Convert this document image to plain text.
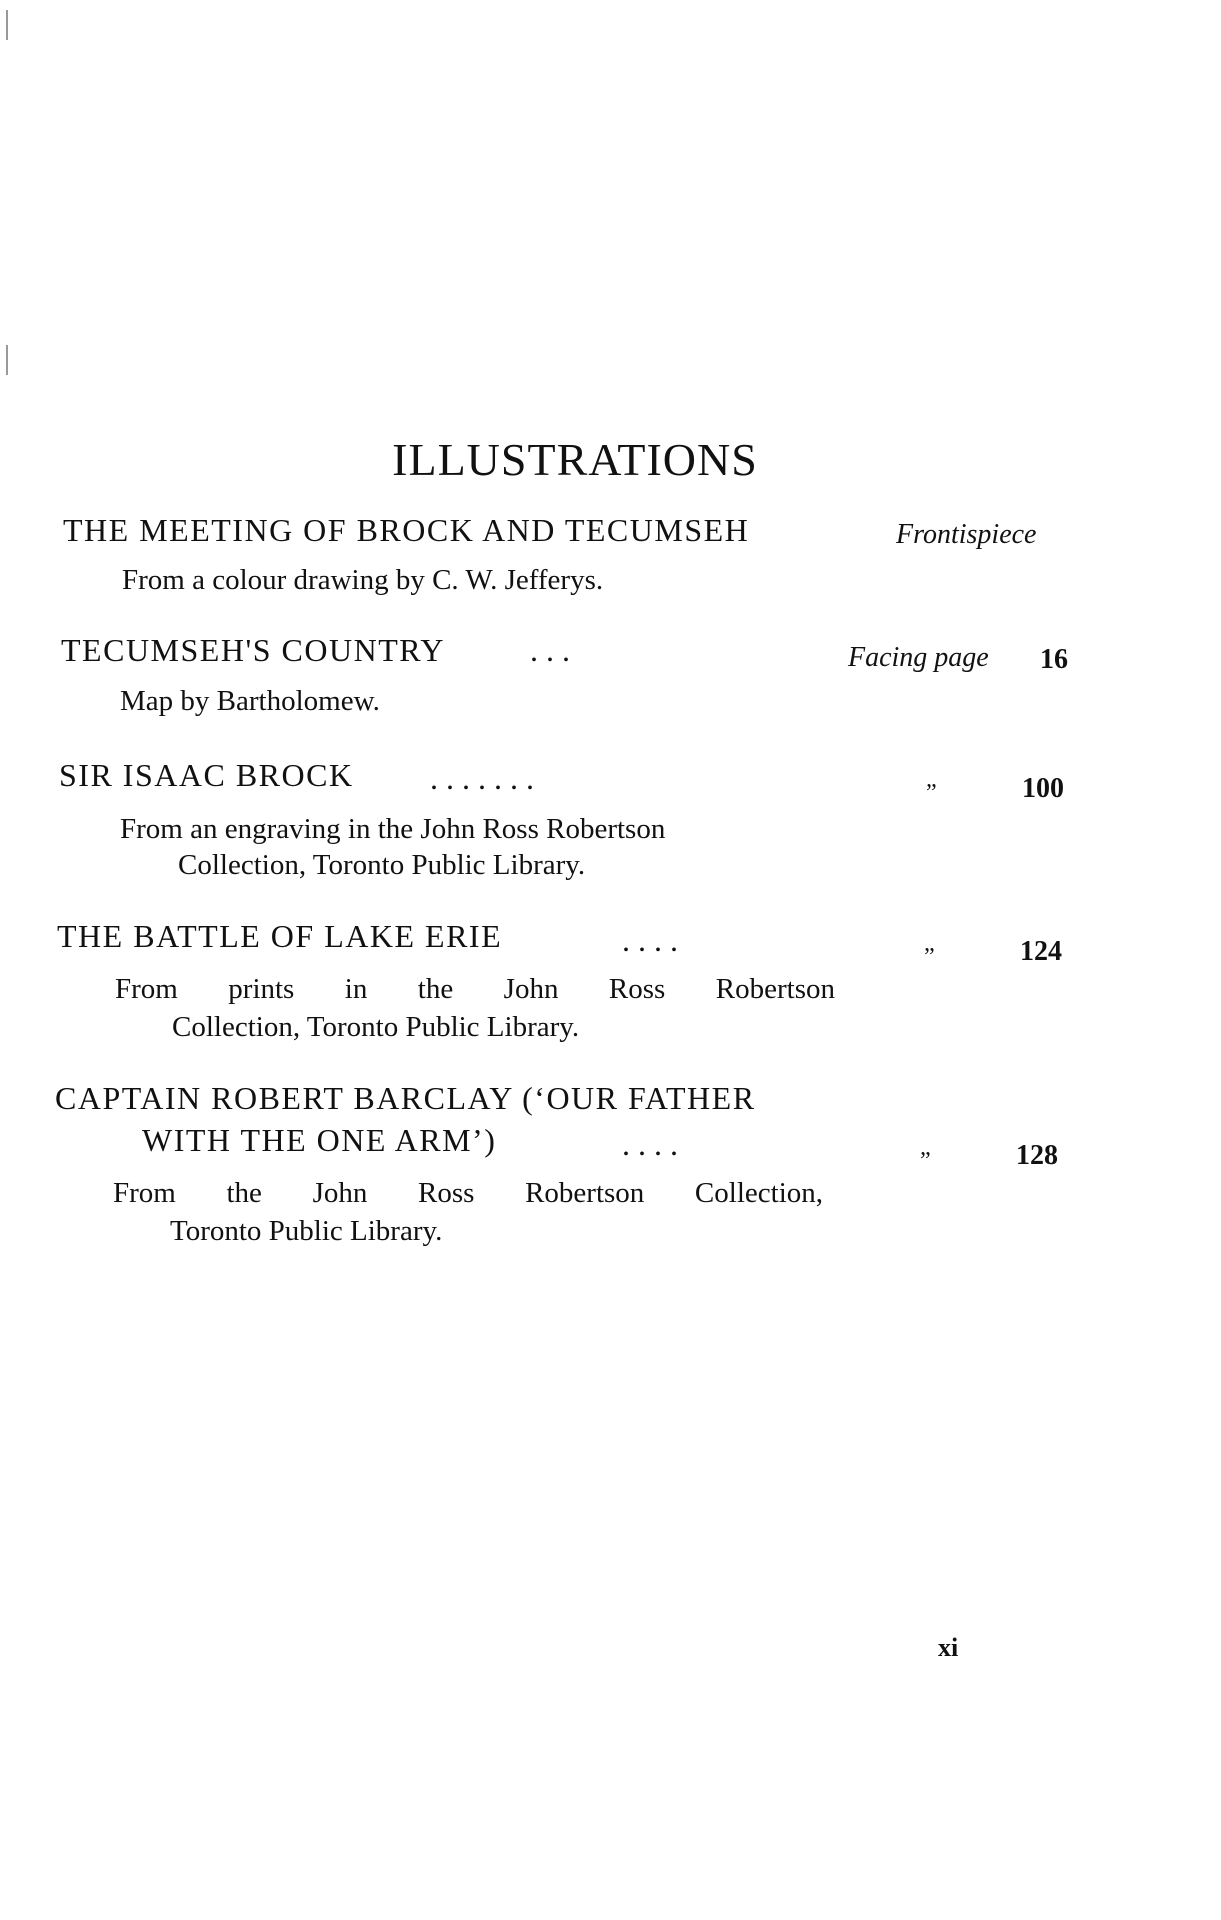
ILLUSTRATIONS
THE MEETING OF BROCK AND TECUMSEH	Frontispiece
From a colour drawing by C. W. Jefferys.
TECUMSEH'S COUNTRY	. . .	Facing page 16
Map by Bartholomew.
SIR ISAAC BROCK . . . . . . .	”	100
From an engraving in the John Ross Robertson
Collection, Toronto Public Library.
THE BATTLE OF LAKE ERIE	. . . .	”	124
From prints in the John Ross Robertson
Collection, Toronto Public Library.
CAPTAIN ROBERT BARCLAY (‘OUR FATHER
WITH THE ONE ARM’)	. . . .	”	128
From the John Ross Robertson Collection,
Toronto Public Library.
xi
